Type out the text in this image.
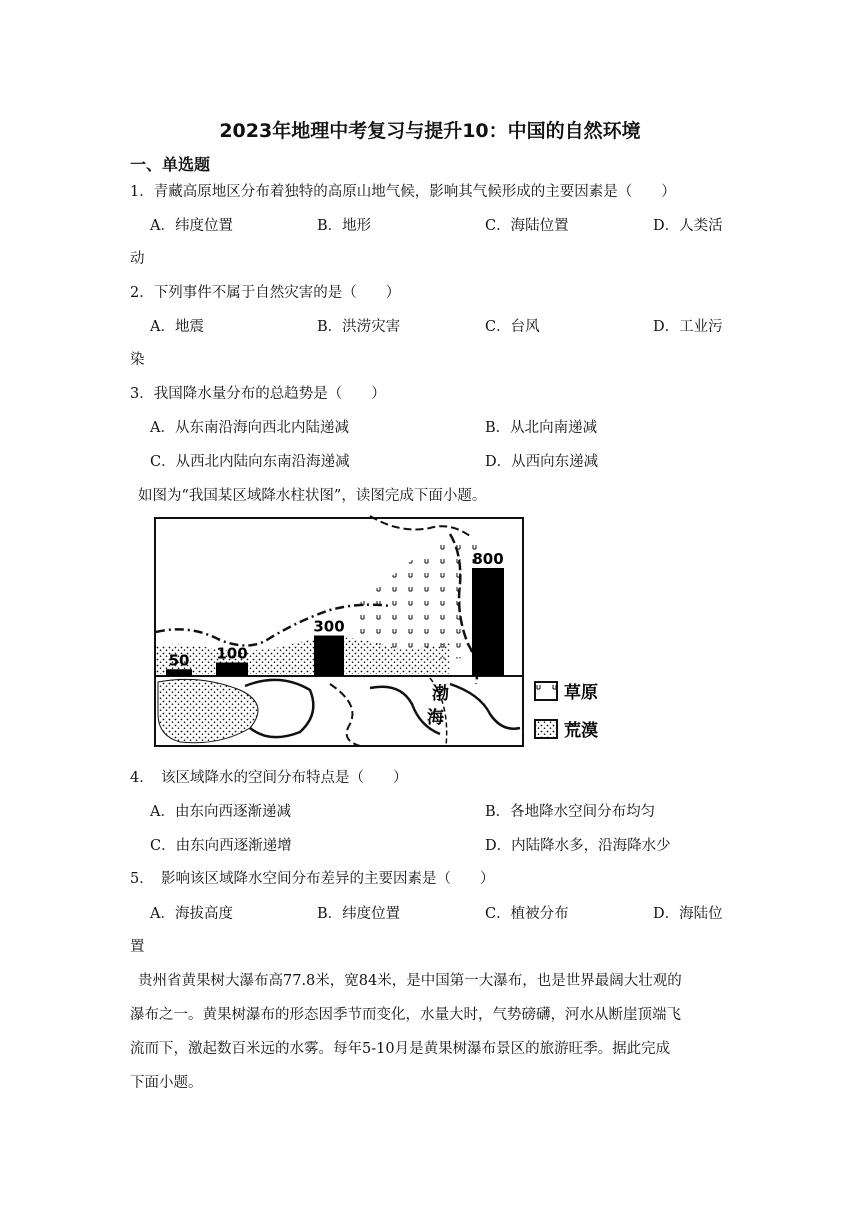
2023年地理中考复习与提升10：中国的自然环境
一、单选题
1．青藏高原地区分布着独特的高原山地气候，影响其气候形成的主要因素是（　　）
A．纬度位置	B．地形	C．海陆位置	D．人类活
动
2．下列事件不属于自然灾害的是（　　）
A．地震	B．洪涝灾害	C．台风	D．工业污
染
3．我国降水量分布的总趋势是（　　）
A．从东南沿海向西北内陆递减	B．从北向南递减
C．从西北内陆向东南沿海递减	D．从西向东递减
如图为“我国某区域降水柱状图”，读图完成下面小题。
50 100
300
800
渤
海
草原
荒漠
4．　该区域降水的空间分布特点是（　　）
A．由东向西逐渐递减	B．各地降水空间分布均匀
C．由东向西逐渐递增	D．内陆降水多，沿海降水少
5．　影响该区域降水空间分布差异的主要因素是（　　）
A．海拔高度	B．纬度位置	C．植被分布	D．海陆位
置
贵州省黄果树大瀑布高77.8米，宽84米，是中国第一大瀑布，也是世界最阔大壮观的
瀑布之一。黄果树瀑布的形态因季节而变化，水量大时，气势磅礴，河水从断崖顶端飞
流而下，激起数百米远的水雾。每年5-10月是黄果树瀑布景区的旅游旺季。据此完成
下面小题。
